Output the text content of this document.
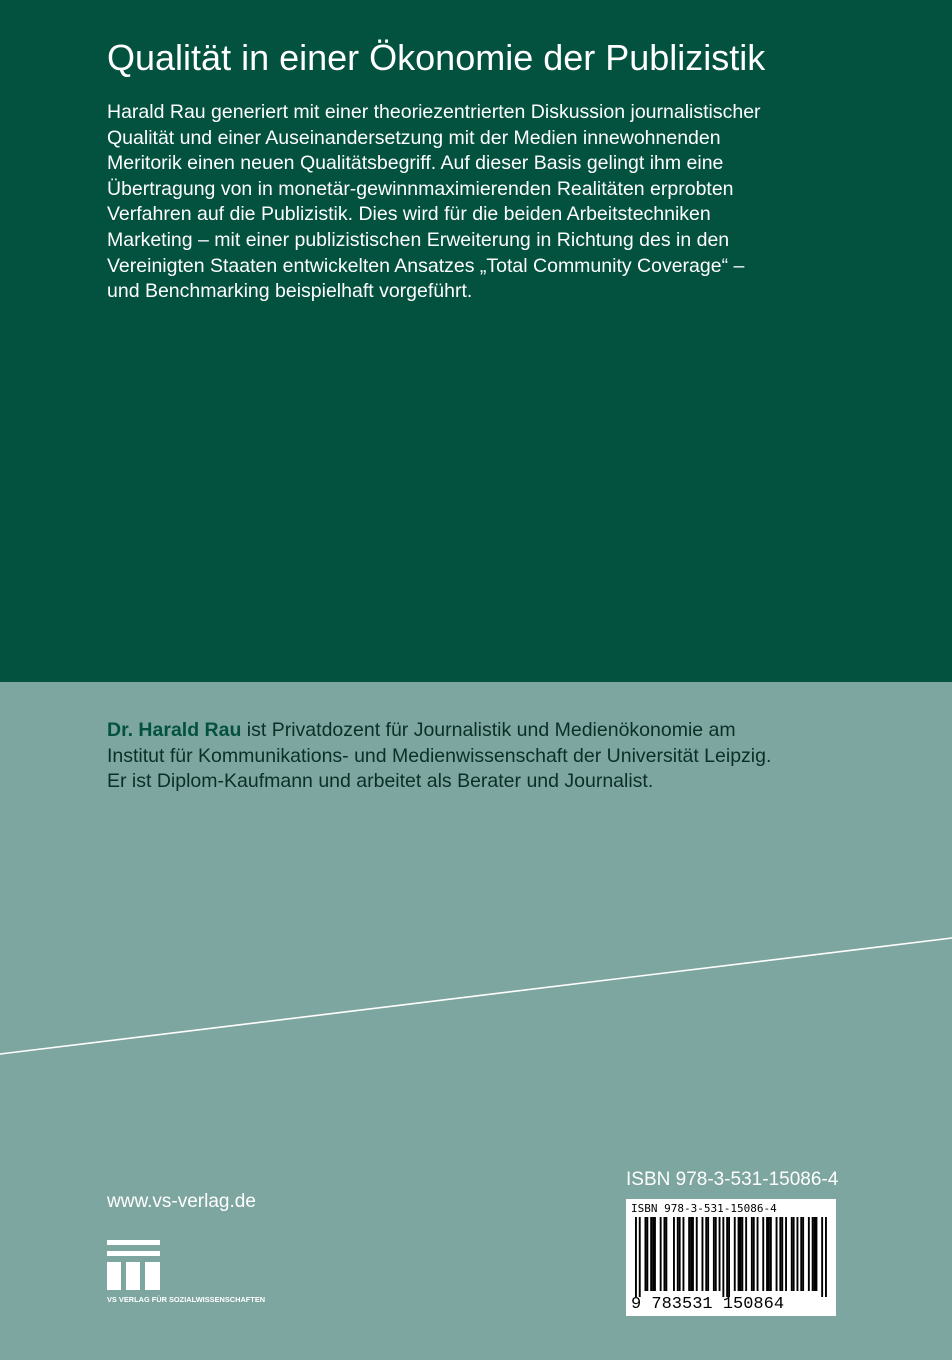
Qualität in einer Ökonomie der Publizistik

Harald Rau generiert mit einer theoriezentrierten Diskussion journalistischer

Qualität und einer Auseinandersetzung mit der Medien innewohnenden

Meritorik einen neuen Qualitätsbegriff. Auf dieser Basis gelingt ihm eine

Übertragung von in monetär-gewinnmaximierenden Realitäten erprobten

Verfahren auf die Publizistik. Dies wird für die beiden Arbeitstechniken

Marketing – mit einer publizistischen Erweiterung in Richtung des in den

Vereinigten Staaten entwickelten Ansatzes „Total Community Coverage“ –

und Benchmarking beispielhaft vorgeführt.

Dr. Harald Rau ist Privatdozent für Journalistik und Medienökonomie am

Institut für Kommunikations- und Medienwissenschaft der Universität Leipzig.

Er ist Diplom-Kaufmann und arbeitet als Berater und Journalist.

www.vs-verlag.de
VS VERLAG FÜR SOZIALWISSENSCHAFTEN
ISBN 978-3-531-15086-4
ISBN 978-3-531-15086-4
9 783531 150864
